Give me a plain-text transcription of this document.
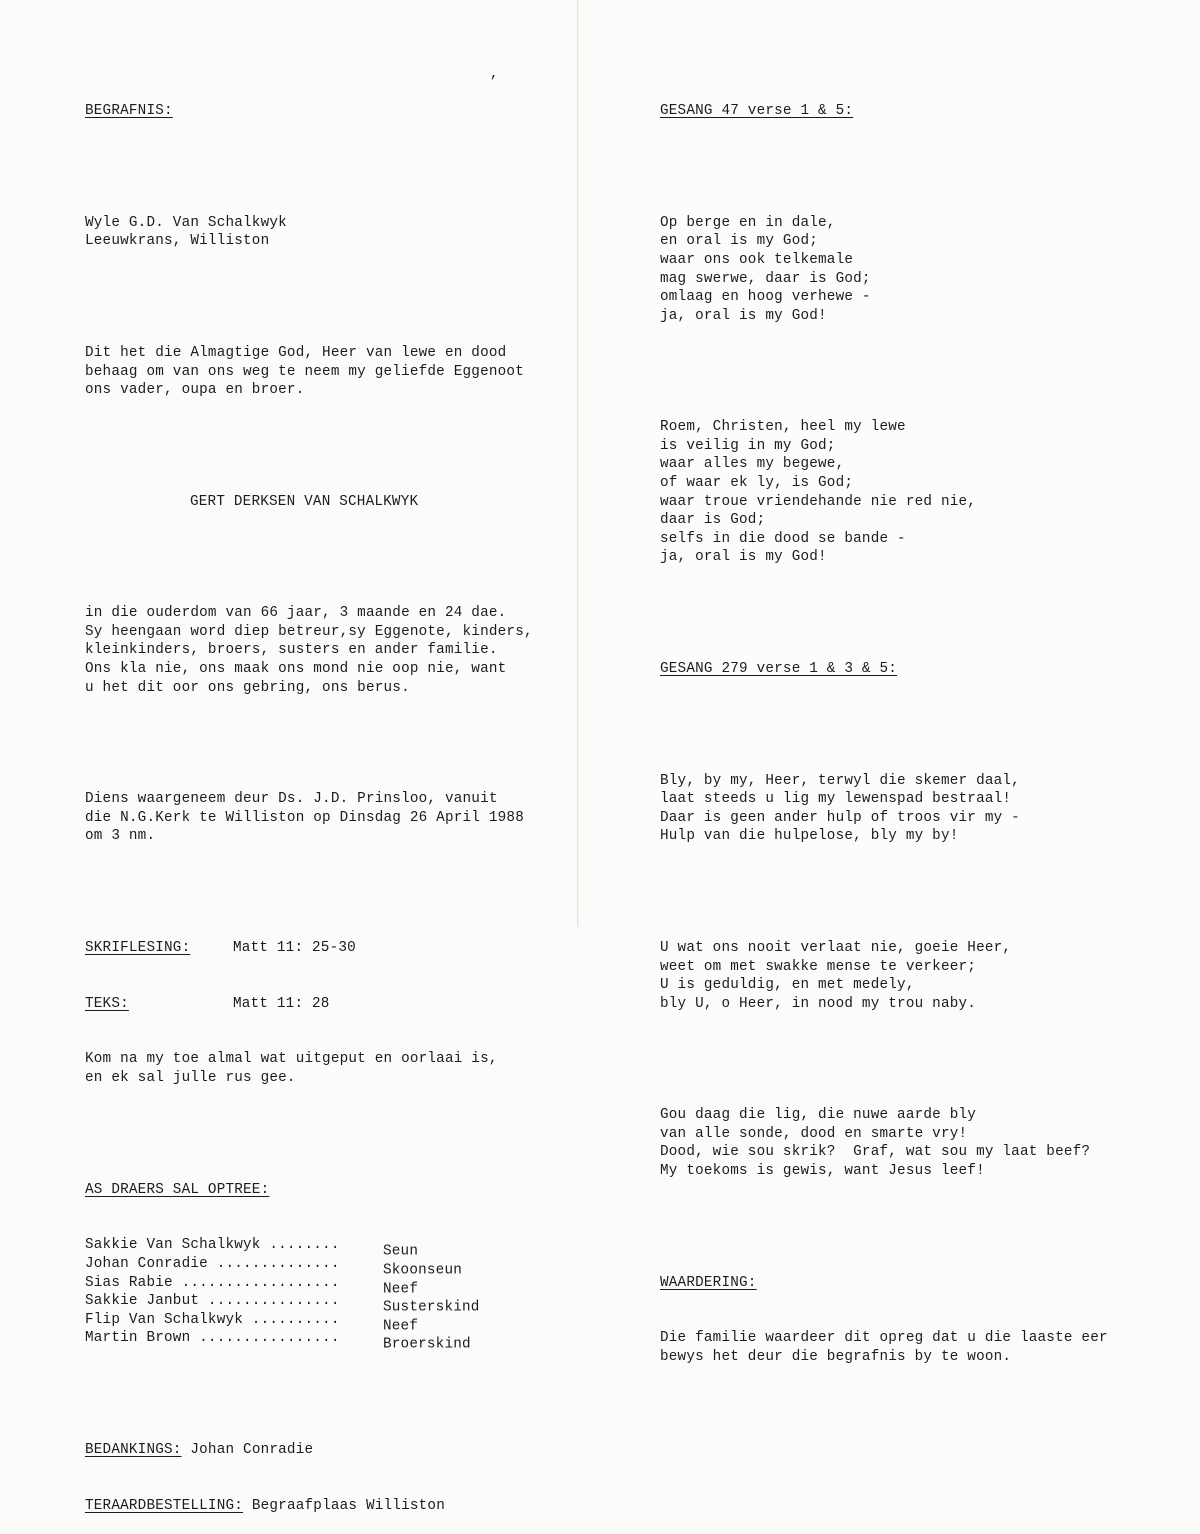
,

BEGRAFNIS:

Wyle G.D. Van Schalkwyk
Leeuwkrans, Williston

Dit het die Almagtige God, Heer van lewe en dood
behaag om van ons weg te neem my geliefde Eggenoot
ons vader, oupa en broer.

GERT DERKSEN VAN SCHALKWYK

in die ouderdom van 66 jaar, 3 maande en 24 dae.
Sy heengaan word diep betreur,sy Eggenote, kinders,
kleinkinders, broers, susters en ander familie.
Ons kla nie, ons maak ons mond nie oop nie, want
u het dit oor ons gebring, ons berus.

Diens waargeneem deur Ds. J.D. Prinsloo, vanuit
die N.G.Kerk te Williston op Dinsdag 26 April 1988
om 3 nm.

SKRIFLESING:	Matt 11: 25-30

TEKS:	Matt 11: 28

Kom na my toe almal wat uitgeput en oorlaai is,
en ek sal julle rus gee.

AS DRAERS SAL OPTREE:

Sakkie Van Schalkwyk ........	Seun
Johan Conradie ..............	Skoonseun
Sias Rabie ..................	Neef
Sakkie Janbut ...............	Susterskind
Flip Van Schalkwyk ..........	Neef
Martin Brown ................	Broerskind

BEDANKINGS: Johan Conradie

TERAARDBESTELLING: Begraafplaas Williston

GESANG 47 verse 1 & 5:

Op berge en in dale,
en oral is my God;
waar ons ook telkemale
mag swerwe, daar is God;
omlaag en hoog verhewe -
ja, oral is my God!

Roem, Christen, heel my lewe
is veilig in my God;
waar alles my begewe,
of waar ek ly, is God;
waar troue vriendehande nie red nie,
daar is God;
selfs in die dood se bande -
ja, oral is my God!

GESANG 279 verse 1 & 3 & 5:

Bly, by my, Heer, terwyl die skemer daal,
laat steeds u lig my lewenspad bestraal!
Daar is geen ander hulp of troos vir my -
Hulp van die hulpelose, bly my by!

U wat ons nooit verlaat nie, goeie Heer,
weet om met swakke mense te verkeer;
U is geduldig, en met medely,
bly U, o Heer, in nood my trou naby.

Gou daag die lig, die nuwe aarde bly
van alle sonde, dood en smarte vry!
Dood, wie sou skrik?  Graf, wat sou my laat beef?
My toekoms is gewis, want Jesus leef!

WAARDERING:

Die familie waardeer dit opreg dat u die laaste eer
bewys het deur die begrafnis by te woon.
